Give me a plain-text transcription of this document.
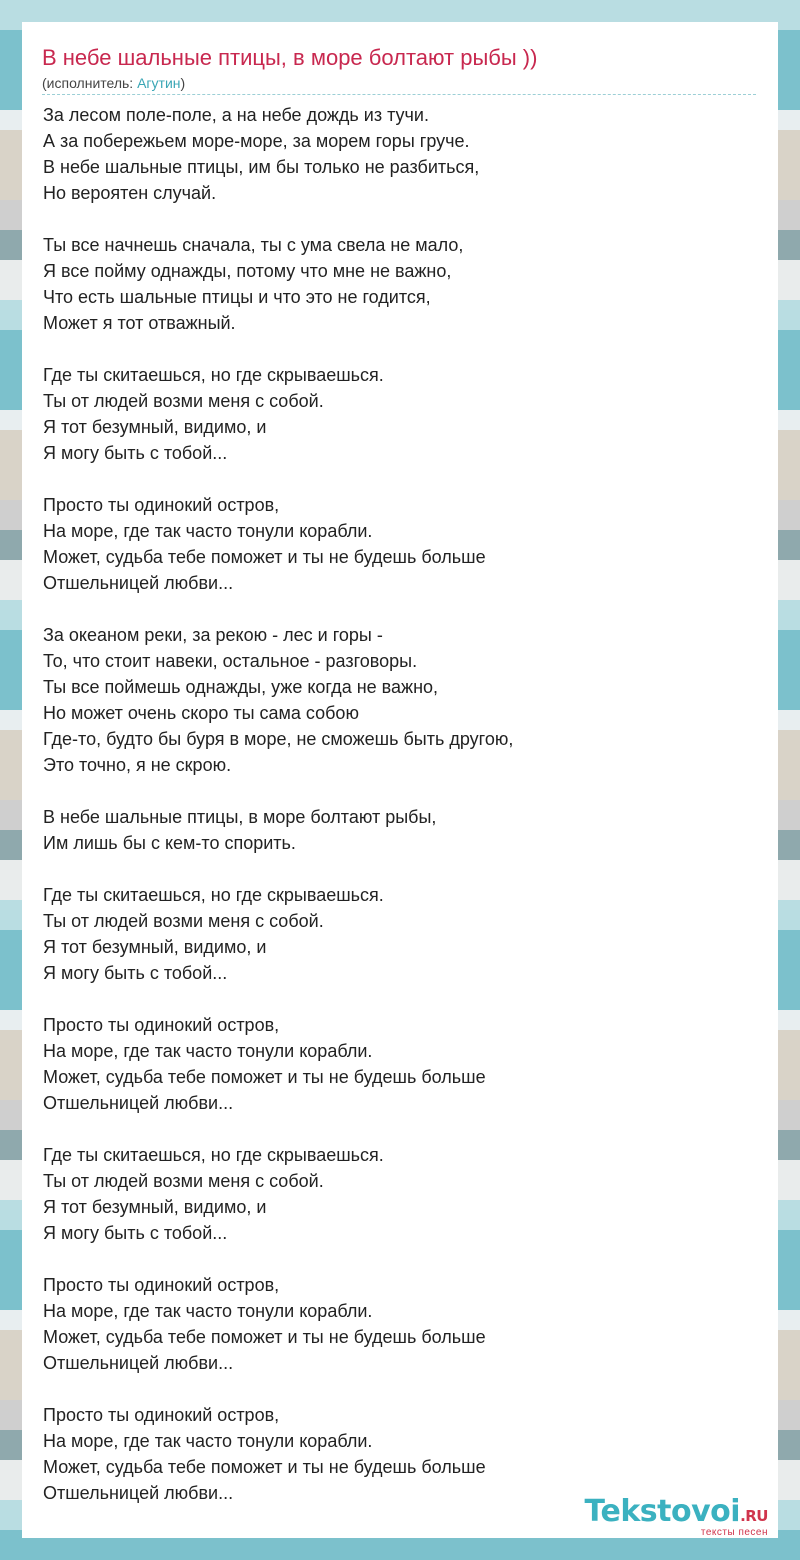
В небе шальные птицы, в море болтают рыбы ))
(исполнитель: Агутин)
За лесом поле-поле, а на небе дождь из тучи.
А за побережьем море-море, за морем горы груче.
В небе шальные птицы, им бы только не разбиться,
Но вероятен случай.
Ты все начнешь сначала, ты с ума свела не мало,
Я все пойму однажды, потому что мне не важно,
Что есть шальные птицы и что это не годится,
Может я тот отважный.
Где ты скитаешься, но где скрываешься.
Ты от людей возми меня с собой.
Я тот безумный, видимо, и
Я могу быть с тобой...
Просто ты одинокий остров,
На море, где так часто тонули корабли.
Может, судьба тебе поможет и ты не будешь больше
Отшельницей любви...
За океаном реки, за рекою - лес и горы -
То, что стоит навеки, остальное - разговоры.
Ты все поймешь однажды, уже когда не важно,
Но может очень скоро ты сама собою
Где-то, будто бы буря в море, не сможешь быть другою,
Это точно, я не скрою.
В небе шальные птицы, в море болтают рыбы,
Им лишь бы с кем-то спорить.
Где ты скитаешься, но где скрываешься.
Ты от людей возми меня с собой.
Я тот безумный, видимо, и
Я могу быть с тобой...
Просто ты одинокий остров,
На море, где так часто тонули корабли.
Может, судьба тебе поможет и ты не будешь больше
Отшельницей любви...
Где ты скитаешься, но где скрываешься.
Ты от людей возми меня с собой.
Я тот безумный, видимо, и
Я могу быть с тобой...
Просто ты одинокий остров,
На море, где так часто тонули корабли.
Может, судьба тебе поможет и ты не будешь больше
Отшельницей любви...
Просто ты одинокий остров,
На море, где так часто тонули корабли.
Может, судьба тебе поможет и ты не будешь больше
Отшельницей любви...
Tekstovoi.RU
тексты песен
